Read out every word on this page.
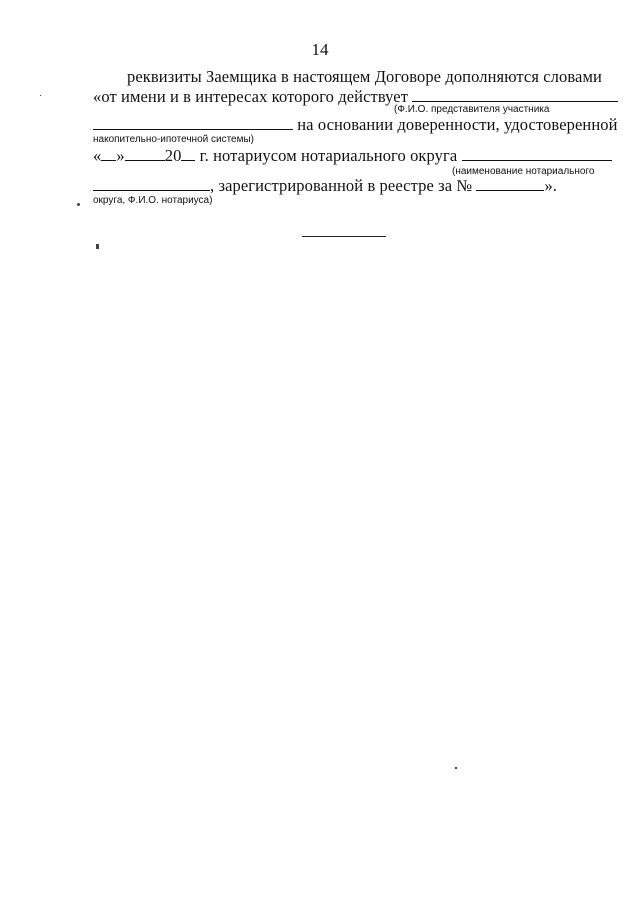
14
реквизиты Заемщика в настоящем Договоре дополняются словами
«от имени и в интересах которого действует
(Ф.И.О. представителя участника
накопительно-ипотечной системы)
на основании доверенности, удостоверенной
« » 20 г. нотариусом нотариального округа
(наименование нотариального
, зарегистрированной в реестре за №	».
округа, Ф.И.О. нотариуса)
